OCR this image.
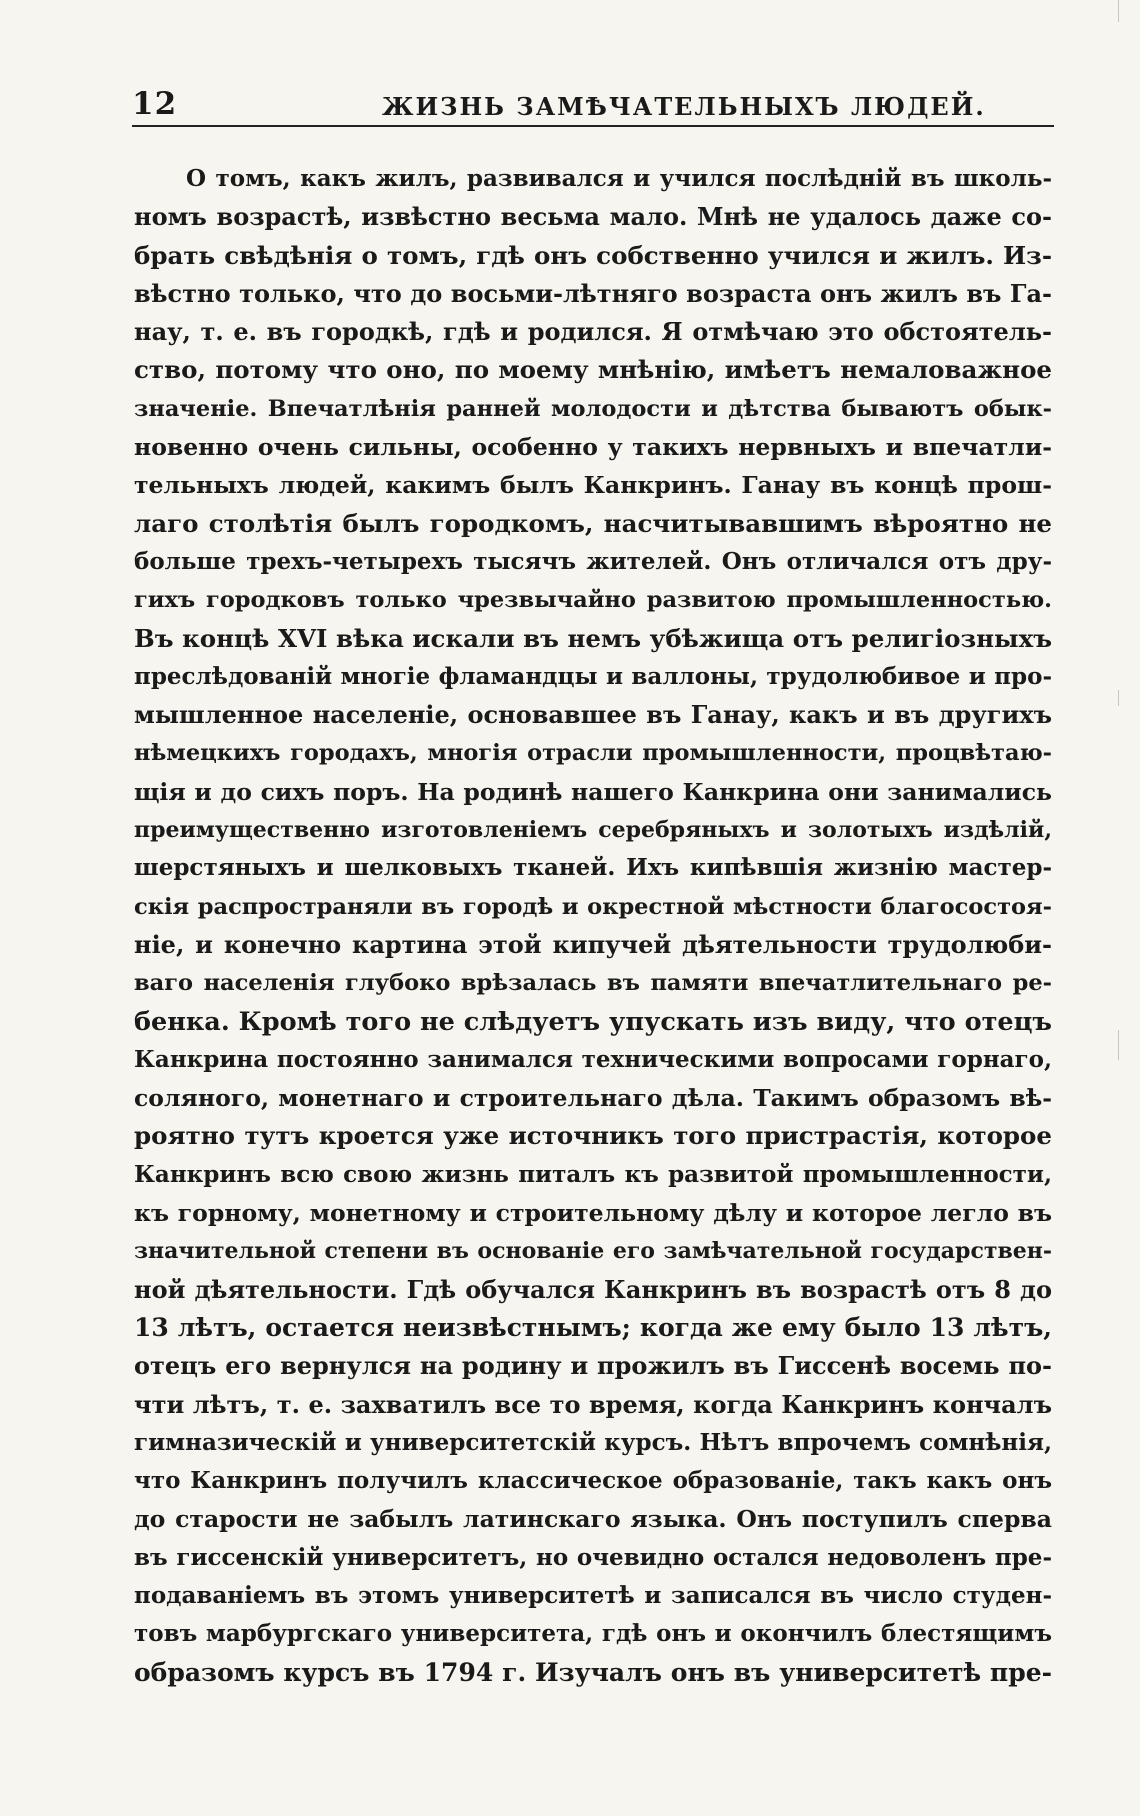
12	ЖИЗНЬ ЗАМѢЧАТЕЛЬНЫХЪ ЛЮДЕЙ.
О томъ, какъ жилъ, развивался и учился послѣдній въ школь-
номъ возрастѣ, извѣстно весьма мало. Мнѣ не удалось даже со-
брать свѣдѣнія о томъ, гдѣ онъ собственно учился и жилъ. Из-
вѣстно только, что до восьми-лѣтняго возраста онъ жилъ въ Га-
нау, т. е. въ городкѣ, гдѣ и родился. Я отмѣчаю это обстоятель-
ство, потому что оно, по моему мнѣнію, имѣетъ немаловажное
значеніе. Впечатлѣнія ранней молодости и дѣтства бываютъ обык-
новенно очень сильны, особенно у такихъ нервныхъ и впечатли-
тельныхъ людей, какимъ былъ Канкринъ. Ганау въ концѣ прош-
лаго столѣтія былъ городкомъ, насчитывавшимъ вѣроятно не
больше трехъ-четырехъ тысячъ жителей. Онъ отличался отъ дру-
гихъ городковъ только чрезвычайно развитою промышленностью.
Въ концѣ XVI вѣка искали въ немъ убѣжища отъ религіозныхъ
преслѣдованій многіе фламандцы и валлоны, трудолюбивое и про-
мышленное населеніе, основавшее въ Ганау, какъ и въ другихъ
нѣмецкихъ городахъ, многія отрасли промышленности, процвѣтаю-
щія и до сихъ поръ. На родинѣ нашего Канкрина они занимались
преимущественно изготовленіемъ серебряныхъ и золотыхъ издѣлій,
шерстяныхъ и шелковыхъ тканей. Ихъ кипѣвшія жизнію мастер-
скія распространяли въ городѣ и окрестной мѣстности благосостоя-
ніе, и конечно картина этой кипучей дѣятельности трудолюби-
ваго населенія глубоко врѣзалась въ памяти впечатлительнаго ре-
бенка. Кромѣ того не слѣдуетъ упускать изъ виду, что отецъ
Канкрина постоянно занимался техническими вопросами горнаго,
соляного, монетнаго и строительнаго дѣла. Такимъ образомъ вѣ-
роятно тутъ кроется уже источникъ того пристрастія, которое
Канкринъ всю свою жизнь питалъ къ развитой промышленности,
къ горному, монетному и строительному дѣлу и которое легло въ
значительной степени въ основаніе его замѣчательной государствен-
ной дѣятельности. Гдѣ обучался Канкринъ въ возрастѣ отъ 8 до
13 лѣтъ, остается неизвѣстнымъ; когда же ему было 13 лѣтъ,
отецъ его вернулся на родину и прожилъ въ Гиссенѣ восемь по-
чти лѣтъ, т. е. захватилъ все то время, когда Канкринъ кончалъ
гимназическій и университетскій курсъ. Нѣтъ впрочемъ сомнѣнія,
что Канкринъ получилъ классическое образованіе, такъ какъ онъ
до старости не забылъ латинскаго языка. Онъ поступилъ сперва
въ гиссенскій университетъ, но очевидно остался недоволенъ пре-
подаваніемъ въ этомъ университетѣ и записался въ число студен-
товъ марбургскаго университета, гдѣ онъ и окончилъ блестящимъ
образомъ курсъ въ 1794 г. Изучалъ онъ въ университетѣ пре-
